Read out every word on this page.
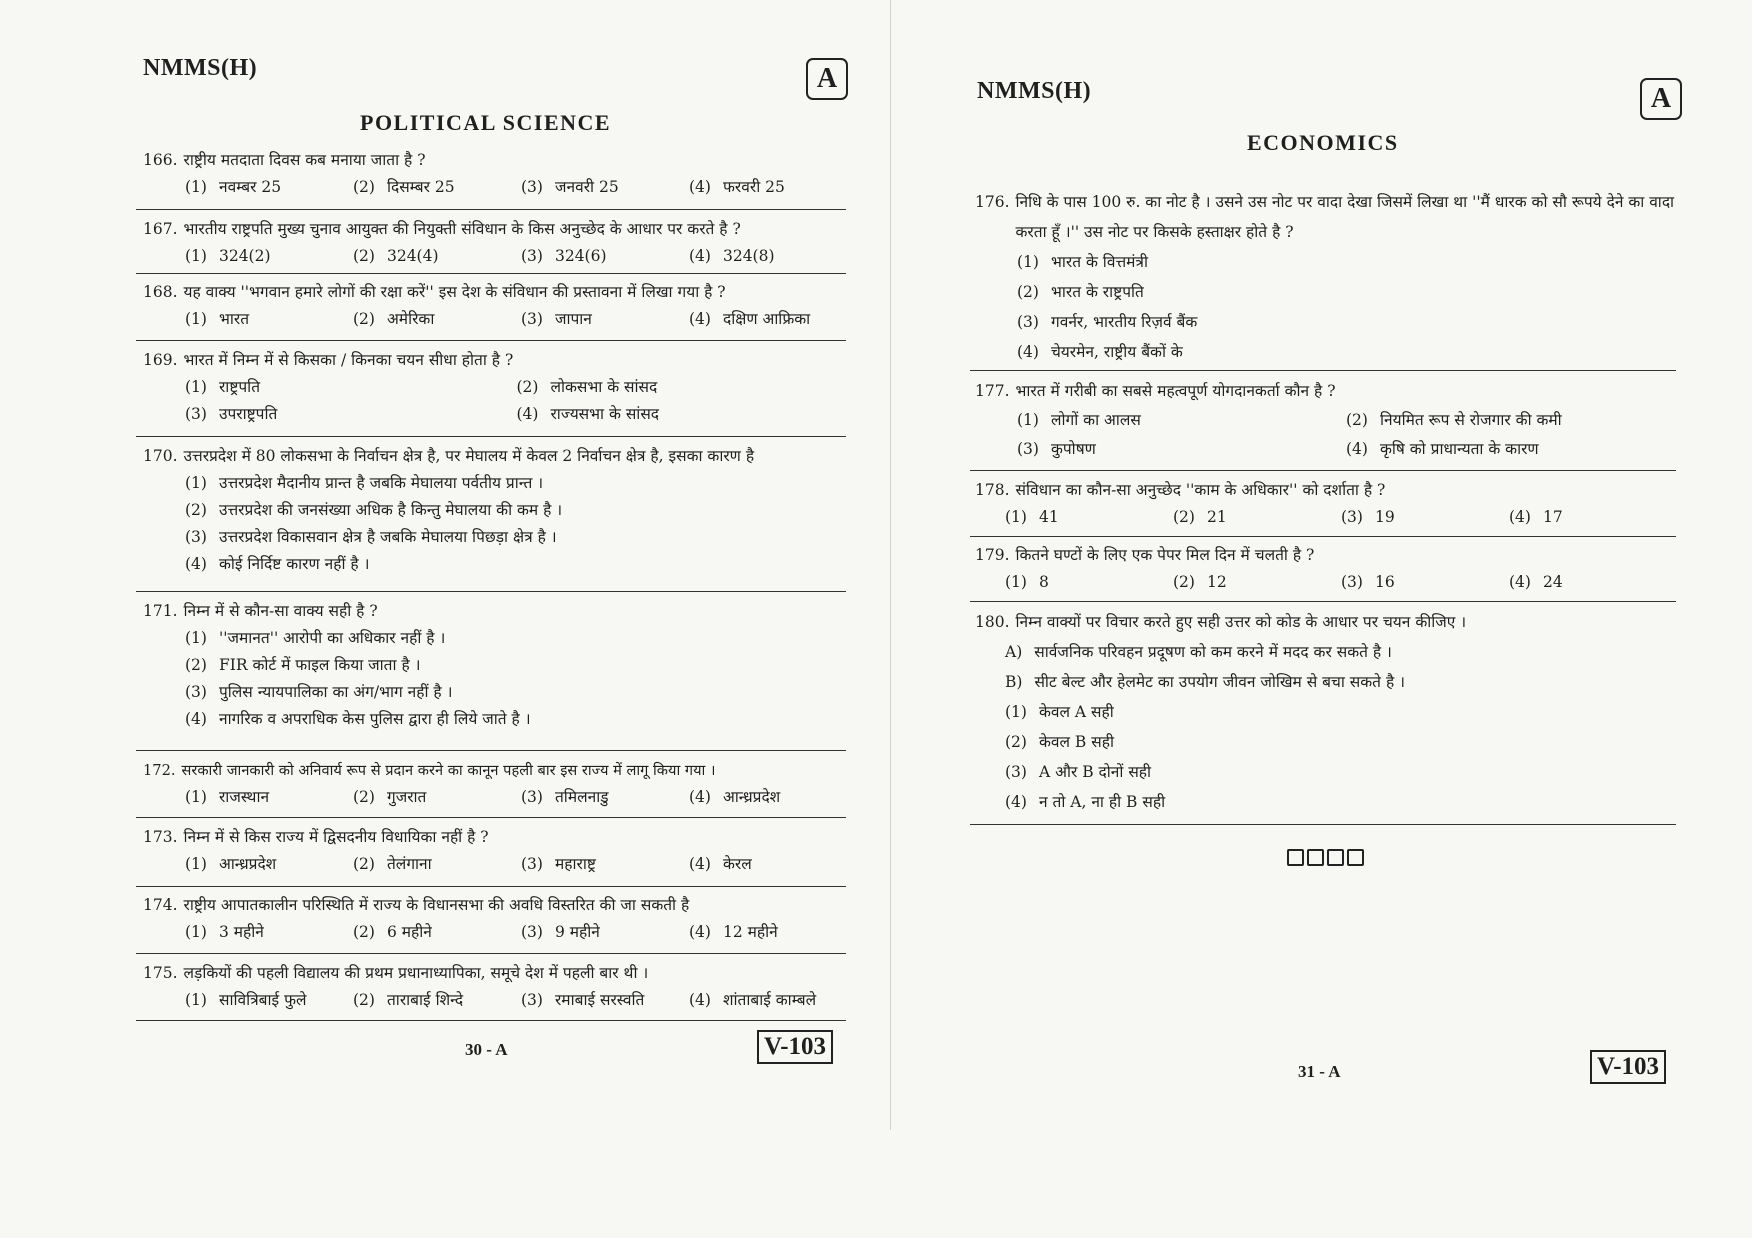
NMMS(H)	A
POLITICAL SCIENCE
166. राष्ट्रीय मतदाता दिवस कब मनाया जाता है ?
(1) नवम्बर 25	(2) दिसम्बर 25	(3) जनवरी 25	(4) फरवरी 25
167. भारतीय राष्ट्रपति मुख्य चुनाव आयुक्त की नियुक्ती संविधान के किस अनुच्छेद के आधार पर करते है ?
(1) 324(2)	(2) 324(4)	(3) 324(6)	(4) 324(8)
168. यह वाक्य ''भगवान हमारे लोगों की रक्षा करें'' इस देश के संविधान की प्रस्तावना में लिखा गया है ?
(1) भारत	(2) अमेरिका	(3) जापान	(4) दक्षिण आफ्रिका
169. भारत में निम्न में से किसका / किनका चयन सीधा होता है ?
(1) राष्ट्रपति	(2) लोकसभा के सांसद
(3) उपराष्ट्रपति	(4) राज्यसभा के सांसद
170. उत्तरप्रदेश में 80 लोकसभा के निर्वाचन क्षेत्र है, पर मेघालय में केवल 2 निर्वाचन क्षेत्र है, इसका कारण है
(1) उत्तरप्रदेश मैदानीय प्रान्त है जबकि मेघालया पर्वतीय प्रान्त ।
(2) उत्तरप्रदेश की जनसंख्या अधिक है किन्तु मेघालया की कम है ।
(3) उत्तरप्रदेश विकासवान क्षेत्र है जबकि मेघालया पिछड़ा क्षेत्र है ।
(4) कोई निर्दिष्ट कारण नहीं है ।
171. निम्न में से कौन-सा वाक्य सही है ?
(1) ''जमानत'' आरोपी का अधिकार नहीं है ।
(2) FIR कोर्ट में फाइल किया जाता है ।
(3) पुलिस न्यायपालिका का अंग/भाग नहीं है ।
(4) नागरिक व अपराधिक केस पुलिस द्वारा ही लिये जाते है ।
172. सरकारी जानकारी को अनिवार्य रूप से प्रदान करने का कानून पहली बार इस राज्य में लागू किया गया ।
(1) राजस्थान	(2) गुजरात	(3) तमिलनाडु	(4) आन्ध्रप्रदेश
173. निम्न में से किस राज्य में द्विसदनीय विधायिका नहीं है ?
(1) आन्ध्रप्रदेश	(2) तेलंगाना	(3) महाराष्ट्र	(4) केरल
174. राष्ट्रीय आपातकालीन परिस्थिति में राज्य के विधानसभा की अवधि विस्तरित की जा सकती है
(1) 3 महीने	(2) 6 महीने	(3) 9 महीने	(4) 12 महीने
175. लड़कियों की पहली विद्यालय की प्रथम प्रधानाध्यापिका, समूचे देश में पहली बार थी ।
(1) सावित्रिबाई फुले	(2) ताराबाई शिन्दे	(3) रमाबाई सरस्वति	(4) शांताबाई काम्बले
30 - A	V-103
NMMS(H)	A
ECONOMICS
176. निधि के पास 100 रु. का नोट है । उसने उस नोट पर वादा देखा जिसमें लिखा था ''मैं धारक को सौ रूपये देने का वादा करता हूँ ।'' उस नोट पर किसके हस्ताक्षर होते है ?
(1) भारत के वित्तमंत्री
(2) भारत के राष्ट्रपति
(3) गवर्नर, भारतीय रिज़र्व बैंक
(4) चेयरमेन, राष्ट्रीय बैंकों के
177. भारत में गरीबी का सबसे महत्वपूर्ण योगदानकर्ता कौन है ?
(1) लोगों का आलस	(2) नियमित रूप से रोजगार की कमी
(3) कुपोषण	(4) कृषि को प्राधान्यता के कारण
178. संविधान का कौन-सा अनुच्छेद ''काम के अधिकार'' को दर्शाता है ?
(1) 41	(2) 21	(3) 19	(4) 17
179. कितने घण्टों के लिए एक पेपर मिल दिन में चलती है ?
(1) 8	(2) 12	(3) 16	(4) 24
180. निम्न वाक्यों पर विचार करते हुए सही उत्तर को कोड के आधार पर चयन कीजिए ।
A) सार्वजनिक परिवहन प्रदूषण को कम करने में मदद कर सकते है ।
B) सीट बेल्ट और हेलमेट का उपयोग जीवन जोखिम से बचा सकते है ।
(1) केवल A सही
(2) केवल B सही
(3) A और B दोनों सही
(4) न तो A, ना ही B सही
31 - A	V-103
